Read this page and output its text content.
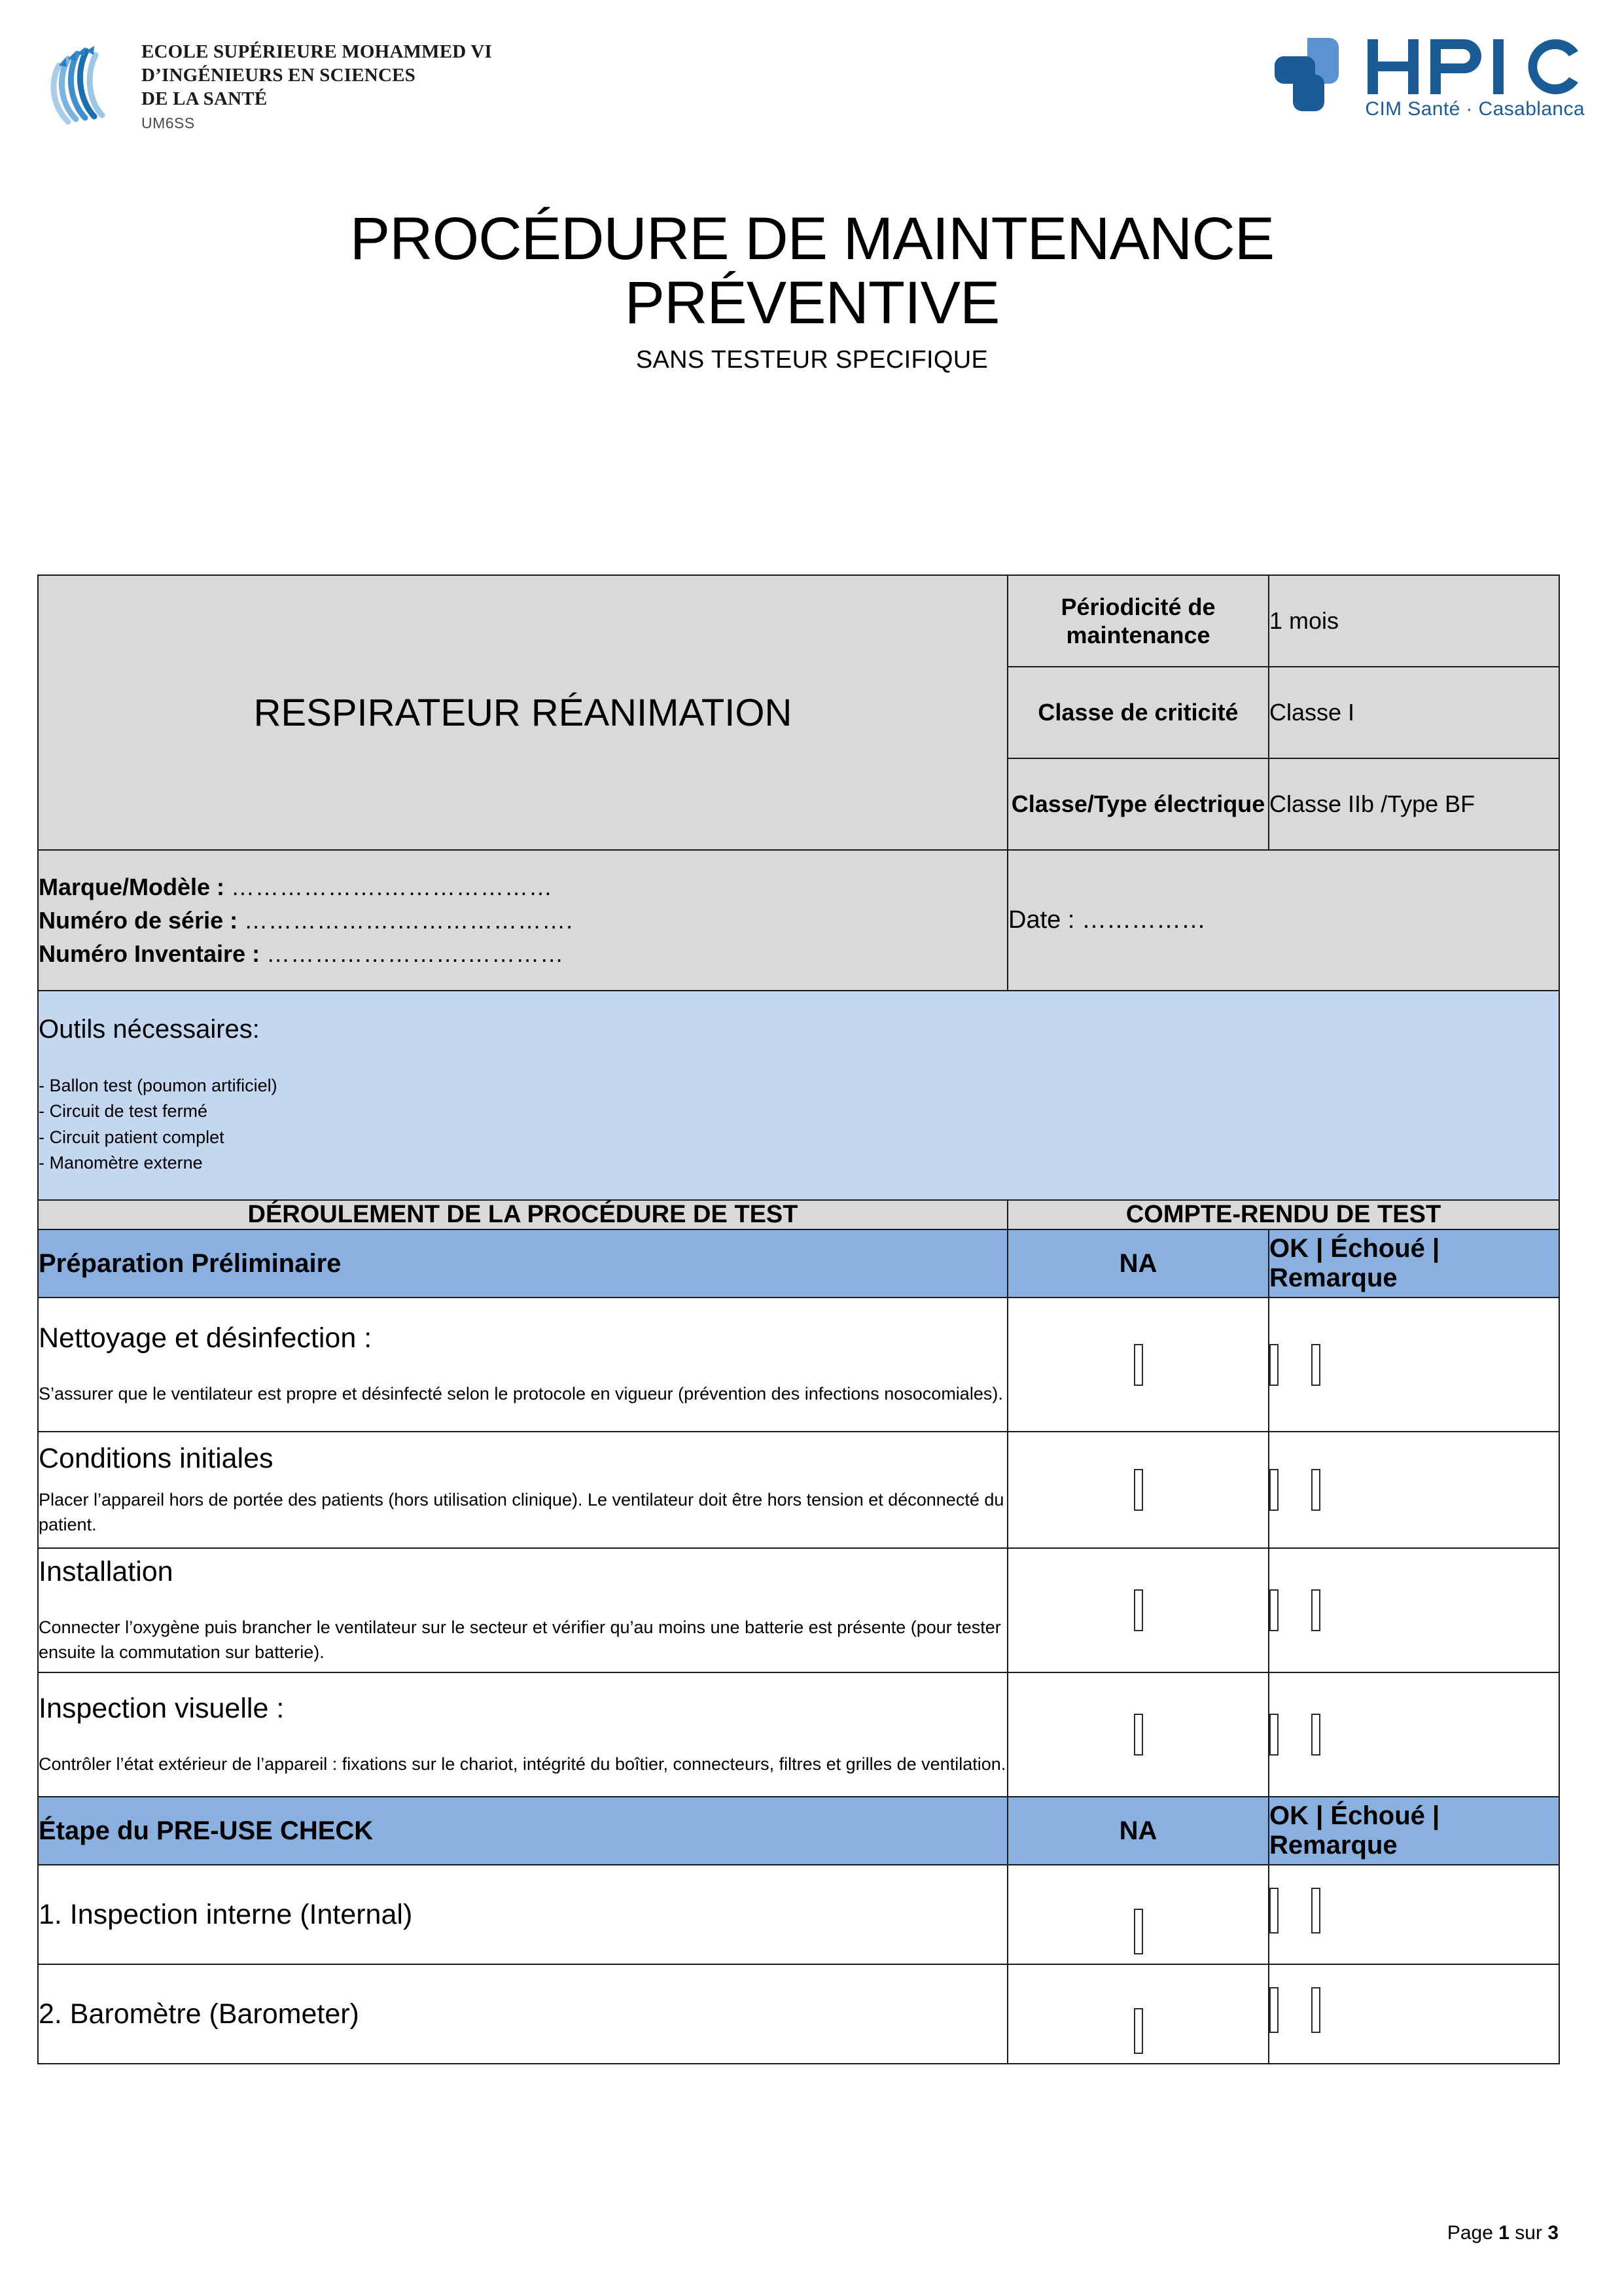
ECOLE SUPÉRIEURE MOHAMMED VI
D’INGÉNIEURS EN SCIENCES
DE LA SANTÉ
UM6SS
CIM Santé · Casablanca
PROCÉDURE DE MAINTENANCE PRÉVENTIVE
SANS TESTEUR SPECIFIQUE
RESPIRATEUR RÉANIMATION	Périodicité de maintenance	1 mois
	Classe de criticité	Classe I
	Classe/Type électrique	Classe IIb /Type BF

Marque/Modèle : ……………….…………………
Numéro de série : ……………….………………….
Numéro Inventaire : …………………….…………	Date : ……………	

Outils nécessaires:
- Ballon test (poumon artificiel)
- Circuit de test fermé
- Circuit patient complet
- Manomètre externe		

DÉROULEMENT DE LA PROCÉDURE DE TEST	COMPTE-RENDU DE TEST	
Préparation Préliminaire	NA	OK | Échoué | Remarque

Nettoyage et désinfection :
S’assurer que le ventilateur est propre et désinfecté selon le protocole en vigueur (prévention des infections nosocomiales).		

Conditions initiales
Placer l’appareil hors de portée des patients (hors utilisation clinique). Le ventilateur doit être hors tension et déconnecté du patient.		

Installation
Connecter l’oxygène puis brancher le ventilateur sur le secteur et vérifier qu’au moins une batterie est présente (pour tester ensuite la commutation sur batterie).		

Inspection visuelle :
Contrôler l’état extérieur de l’appareil : fixations sur le chariot, intégrité du boîtier, connecteurs, filtres et grilles de ventilation.		

Étape du PRE-USE CHECK	NA	OK | Échoué | Remarque
1. Inspection interne (Internal)		
2. Baromètre (Barometer)		
Page 1 sur 3
